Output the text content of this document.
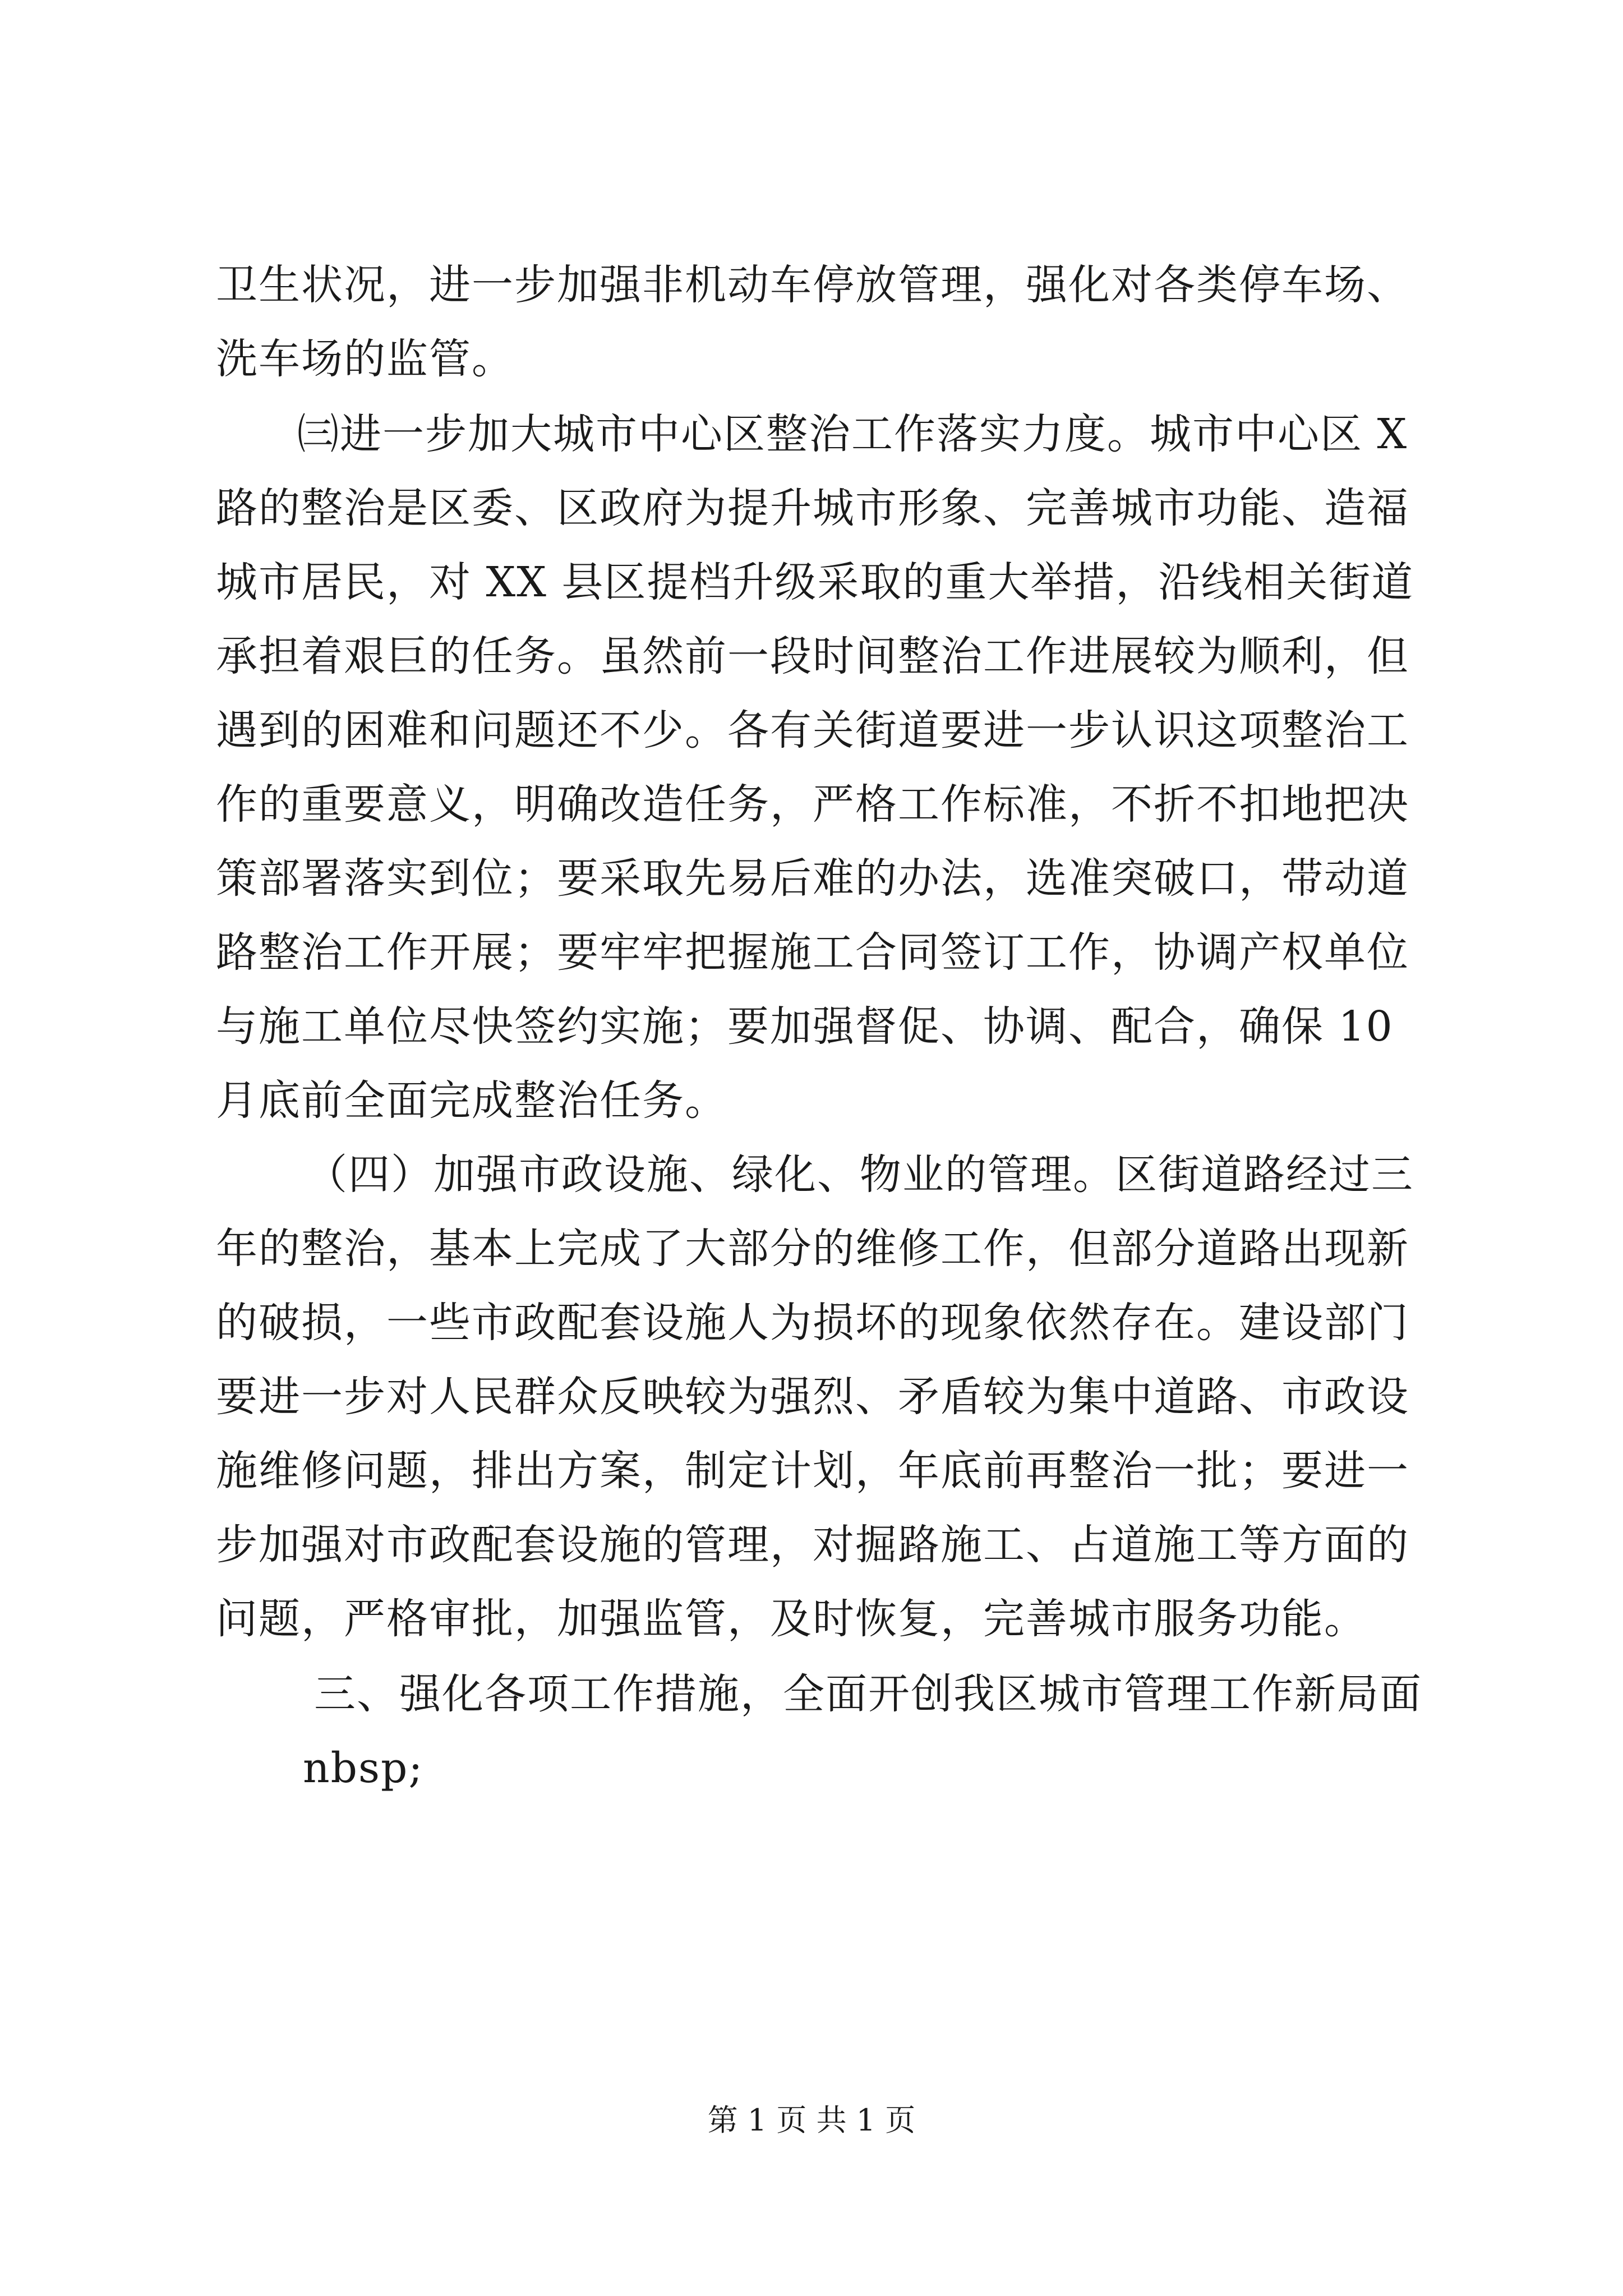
卫生状况，进一步加强非机动车停放管理，强化对各类停车场、
洗车场的监管。
㈢进一步加大城市中心区整治工作落实力度。城市中心区 X
路的整治是区委、区政府为提升城市形象、完善城市功能、造福
城市居民，对 XX 县区提档升级采取的重大举措，沿线相关街道
承担着艰巨的任务。虽然前一段时间整治工作进展较为顺利，但
遇到的困难和问题还不少。各有关街道要进一步认识这项整治工
作的重要意义，明确改造任务，严格工作标准，不折不扣地把决
策部署落实到位；要采取先易后难的办法，选准突破口，带动道
路整治工作开展；要牢牢把握施工合同签订工作，协调产权单位
与施工单位尽快签约实施；要加强督促、协调、配合，确保 10
月底前全面完成整治任务。
（四）加强市政设施、绿化、物业的管理。区街道路经过三
年的整治，基本上完成了大部分的维修工作，但部分道路出现新
的破损，一些市政配套设施人为损坏的现象依然存在。建设部门
要进一步对人民群众反映较为强烈、矛盾较为集中道路、市政设
施维修问题，排出方案，制定计划，年底前再整治一批；要进一
步加强对市政配套设施的管理，对掘路施工、占道施工等方面的
问题，严格审批，加强监管，及时恢复，完善城市服务功能。
三、强化各项工作措施，全面开创我区城市管理工作新局面
nbsp;
第 1 页 共 1 页
